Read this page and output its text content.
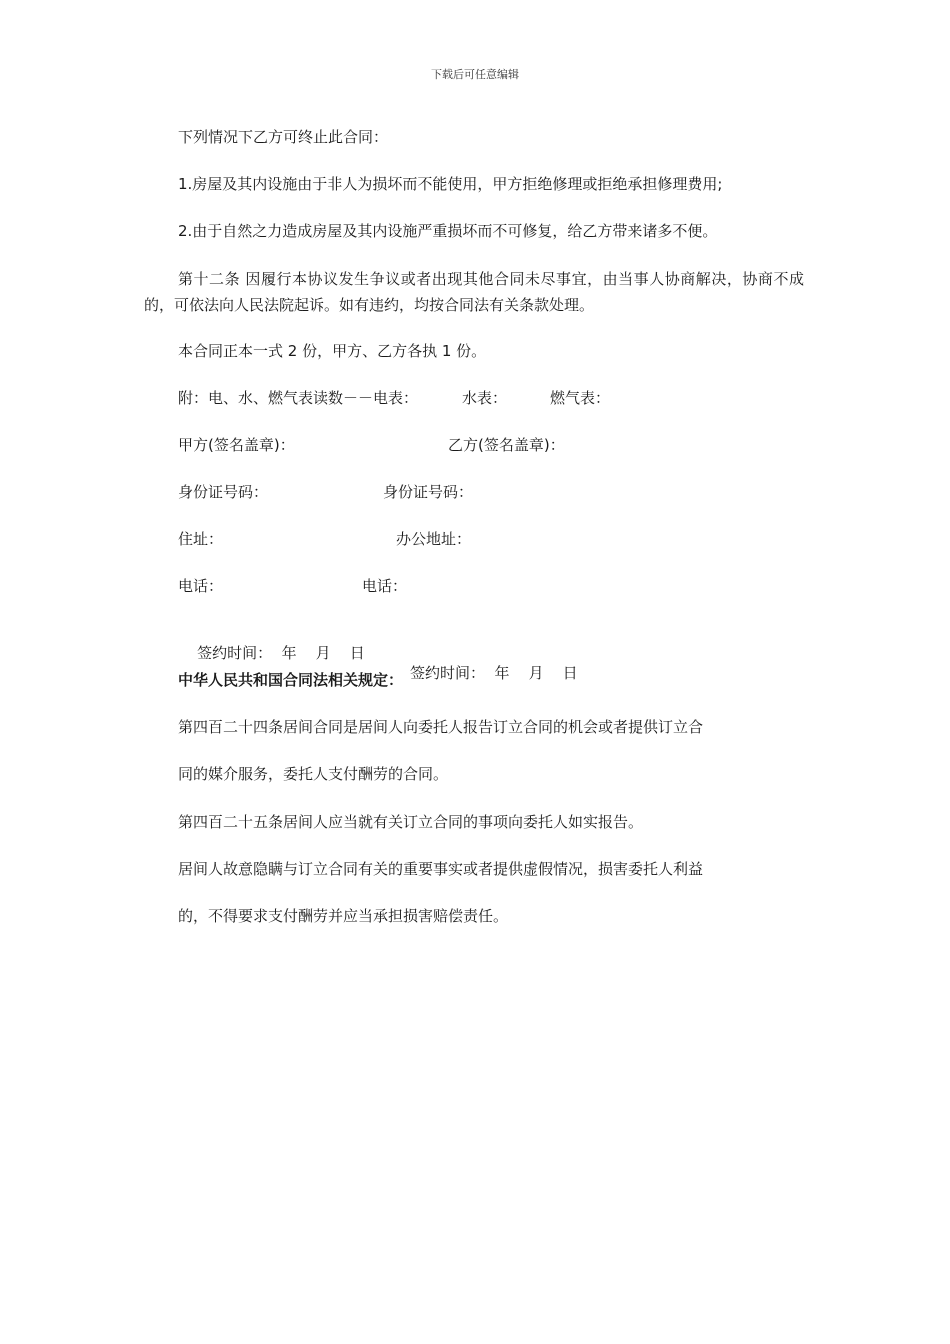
下载后可任意编辑
下列情况下乙方可终止此合同：
1.房屋及其内设施由于非人为损坏而不能使用，甲方拒绝修理或拒绝承担修理费用;
2.由于自然之力造成房屋及其内设施严重损坏而不可修复，给乙方带来诸多不便。
第十二条 因履行本协议发生争议或者出现其他合同未尽事宜，由当事人协商解决，协商不成的，可依法向人民法院起诉。如有违约，均按合同法有关条款处理。
本合同正本一式 2 份，甲方、乙方各执 1 份。
附：电、水、燃气表读数－－电表：	水表：	燃气表：
甲方(签名盖章)：	乙方(签名盖章)：
身份证号码：	身份证号码：
住址：	办公地址：
电话：	电话：

签约时间：  年    月    日

签约时间：  年    月    日

中华人民共和国合同法相关规定：
第四百二十四条居间合同是居间人向委托人报告订立合同的机会或者提供订立合
同的媒介服务，委托人支付酬劳的合同。
第四百二十五条居间人应当就有关订立合同的事项向委托人如实报告。
居间人故意隐瞒与订立合同有关的重要事实或者提供虚假情况，损害委托人利益
的，不得要求支付酬劳并应当承担损害赔偿责任。
